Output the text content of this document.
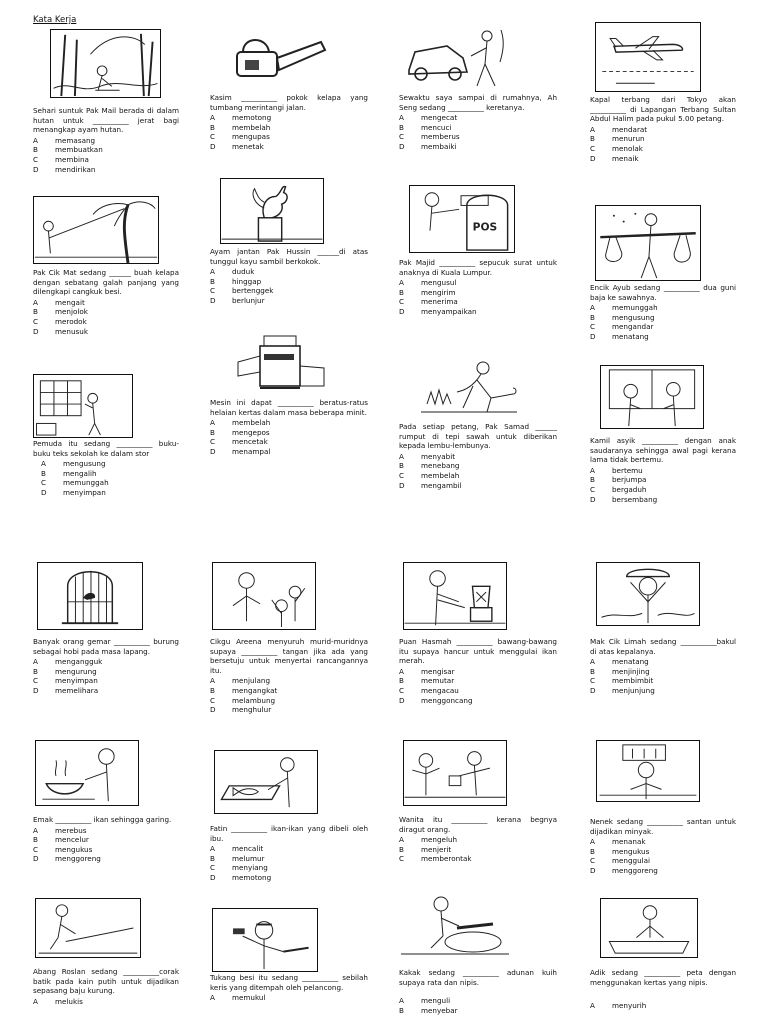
Kata Kerja
Sehari suntuk Pak Mail berada di dalam hutan untuk __________ jerat bagi menangkap ayam hutan.
A	memasang
B	membuatkan
C	membina
D	mendirikan
Kasim __________ pokok kelapa yang tumbang merintangi jalan.
A	memotong
B	membelah
C	mengupas
D	menetak
Sewaktu saya sampai di rumahnya, Ah Seng sedang __________ keretanya.
A	mengecat
B	mencuci
C	memberus
D	membaiki
Kapal terbang dari Tokyo akan __________ di Lapangan Terbang Sultan Abdul Halim pada pukul 5.00 petang.
A	mendarat
B	menurun
C	menolak
D	menaik
Pak Cik Mat sedang ______ buah kelapa dengan sebatang galah panjang yang dilengkapi cangkuk besi.
A	mengait
B	menjolok
C	merodok
D	menusuk
Ayam jantan Pak Hussin ______di atas tunggul kayu sambil berkokok.
A	duduk
B	hinggap
C	bertenggek
D	berlunjur
POS
Pak Majid __________ sepucuk surat untuk anaknya di Kuala Lumpur.
A	mengusul
B	mengirim
C	menerima
D	menyampaikan
Encik Ayub sedang __________ dua guni baja ke sawahnya.
A	memunggah
B	mengusung
C	mengandar
D	menatang
Mesin ini dapat __________ beratus-ratus helaian kertas dalam masa beberapa minit.
A	membelah
B	mengepos
C	mencetak
D	menampal
Pemuda itu sedang __________ buku-buku teks sekolah ke dalam stor
A	mengusung
B	mengalih
C	memunggah
D	menyimpan
Pada setiap petang, Pak Samad ______ rumput di tepi sawah untuk diberikan kepada lembu-lembunya.
A	menyabit
B	menebang
C	membelah
D	mengambil
Kamil asyik __________ dengan anak saudaranya sehingga awal pagi kerana lama tidak bertemu.
A	bertemu
B	berjumpa
C	bergaduh
D	bersembang
Banyak orang gemar __________ burung sebagai hobi pada masa lapang.
A	mengangguk
B	mengurung
C	menyimpan
D	memelihara
Cikgu Areena menyuruh murid-muridnya supaya __________ tangan jika ada yang bersetuju untuk menyertai rancangannya itu.
A	menjulang
B	mengangkat
C	melambung
D	menghulur
Puan Hasmah __________ bawang-bawang itu supaya hancur untuk menggulai ikan merah.
A	mengisar
B	memutar
C	mengacau
D	menggoncang
Mak Cik Limah sedang __________bakul di atas kepalanya.
A	menatang
B	menjinjing
C	membimbit
D	menjunjung
Emak __________ ikan sehingga garing.
A	merebus
B	mencelur
C	mengukus
D	menggoreng
Fatin __________ ikan-ikan yang dibeli oleh ibu.
A	mencalit
B	melumur
C	menyiang
D	memotong
Wanita itu __________ kerana begnya diragut orang.
A	mengeluh
B	menjerit
C	memberontak
Nenek sedang __________ santan untuk dijadikan minyak.
A	menanak
B	mengukus
C	menggulai
D	menggoreng
Abang Roslan sedang __________corak batik pada kain putih untuk dijadikan sepasang baju kurung.
A	melukis
Tukang besi itu sedang __________ sebilah keris yang ditempah oleh pelancong.
A	memukul
Kakak sedang __________ adunan kuih supaya rata dan nipis.
A	menguli
B	menyebar
Adik sedang __________ peta dengan menggunakan kertas yang nipis.
A	menyurih
